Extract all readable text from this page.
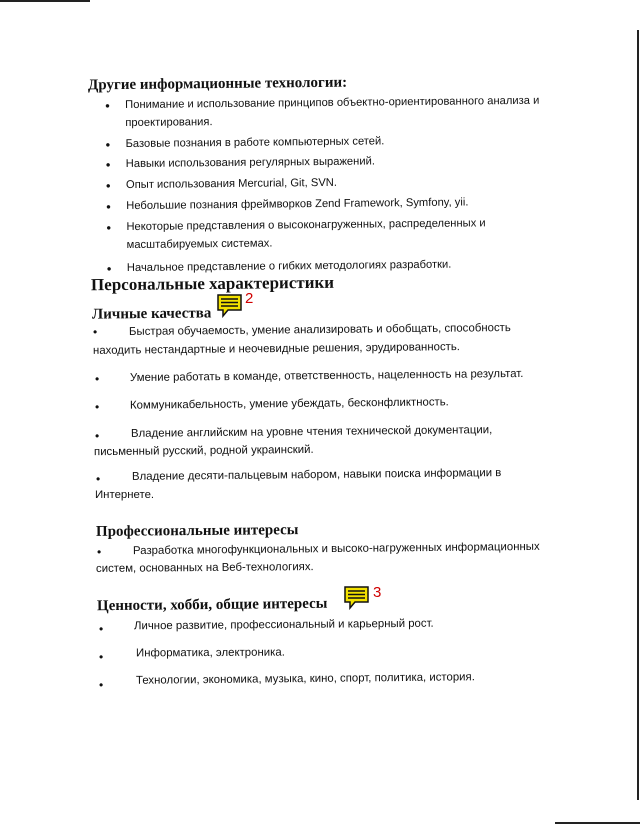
Другие информационные технологии:
• Понимание и использование принципов объектно-ориентированного анализа и проектирования.
• Базовые познания в работе компьютерных сетей.
• Навыки использования регулярных выражений.
• Опыт использования Mercurial, Git, SVN.
• Небольшие познания фреймворков Zend Framework, Symfony, yii.
• Некоторые представления о высоконагруженных, распределенных и масштабируемых системах.
• Начальное представление о гибких методологиях разработки.
Персональные характеристики
Личные качества
2
•	Быстрая обучаемость, умение анализировать и обобщать, способность
находить нестандартные и неочевидные решения, эрудированность.
•	Умение работать в команде, ответственность, нацеленность на результат.
•	Коммуникабельность, умение убеждать, бесконфликтность.
•	Владение английским на уровне чтения технической документации,
письменный русский, родной украинский.
•	Владение десяти-пальцевым набором, навыки поиска информации в
Интернете.
Профессиональные интересы
•	Разработка многофункциональных и высоко-нагруженных информационных
систем, основанных на Веб-технологиях.
Ценности, хобби, общие интересы
3
•	Личное развитие, профессиональный и карьерный рост.
•	Информатика, электроника.
•	Технологии, экономика, музыка, кино, спорт, политика, история.
